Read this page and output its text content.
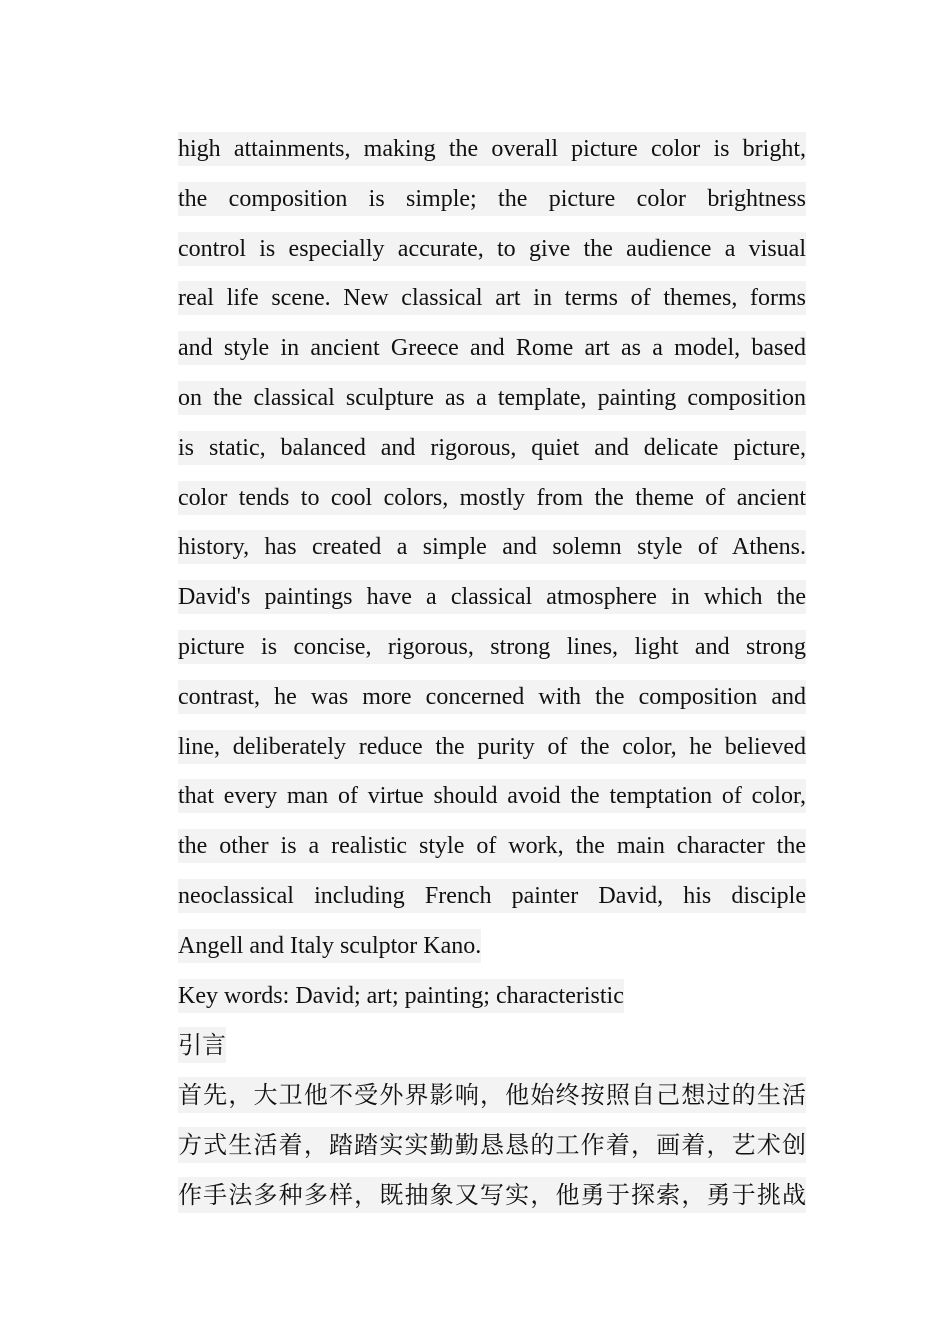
high attainments, making the overall picture color is bright,
the composition is simple; the picture color brightness
control is especially accurate, to give the audience a visual
real life scene. New classical art in terms of themes, forms
and style in ancient Greece and Rome art as a model, based
on the classical sculpture as a template, painting composition
is static, balanced and rigorous, quiet and delicate picture,
color tends to cool colors, mostly from the theme of ancient
history, has created a simple and solemn style of Athens.
David's paintings have a classical atmosphere in which the
picture is concise, rigorous, strong lines, light and strong
contrast, he was more concerned with the composition and
line, deliberately reduce the purity of the color, he believed
that every man of virtue should avoid the temptation of color,
the other is a realistic style of work, the main character the
neoclassical including French painter David, his disciple
Angell and Italy sculptor Kano.
Key words: David; art; painting; characteristic
引言
首先，大卫他不受外界影响，他始终按照自己想过的生活
方式生活着，踏踏实实勤勤恳恳的工作着，画着，艺术创
作手法多种多样，既抽象又写实，他勇于探索，勇于挑战
